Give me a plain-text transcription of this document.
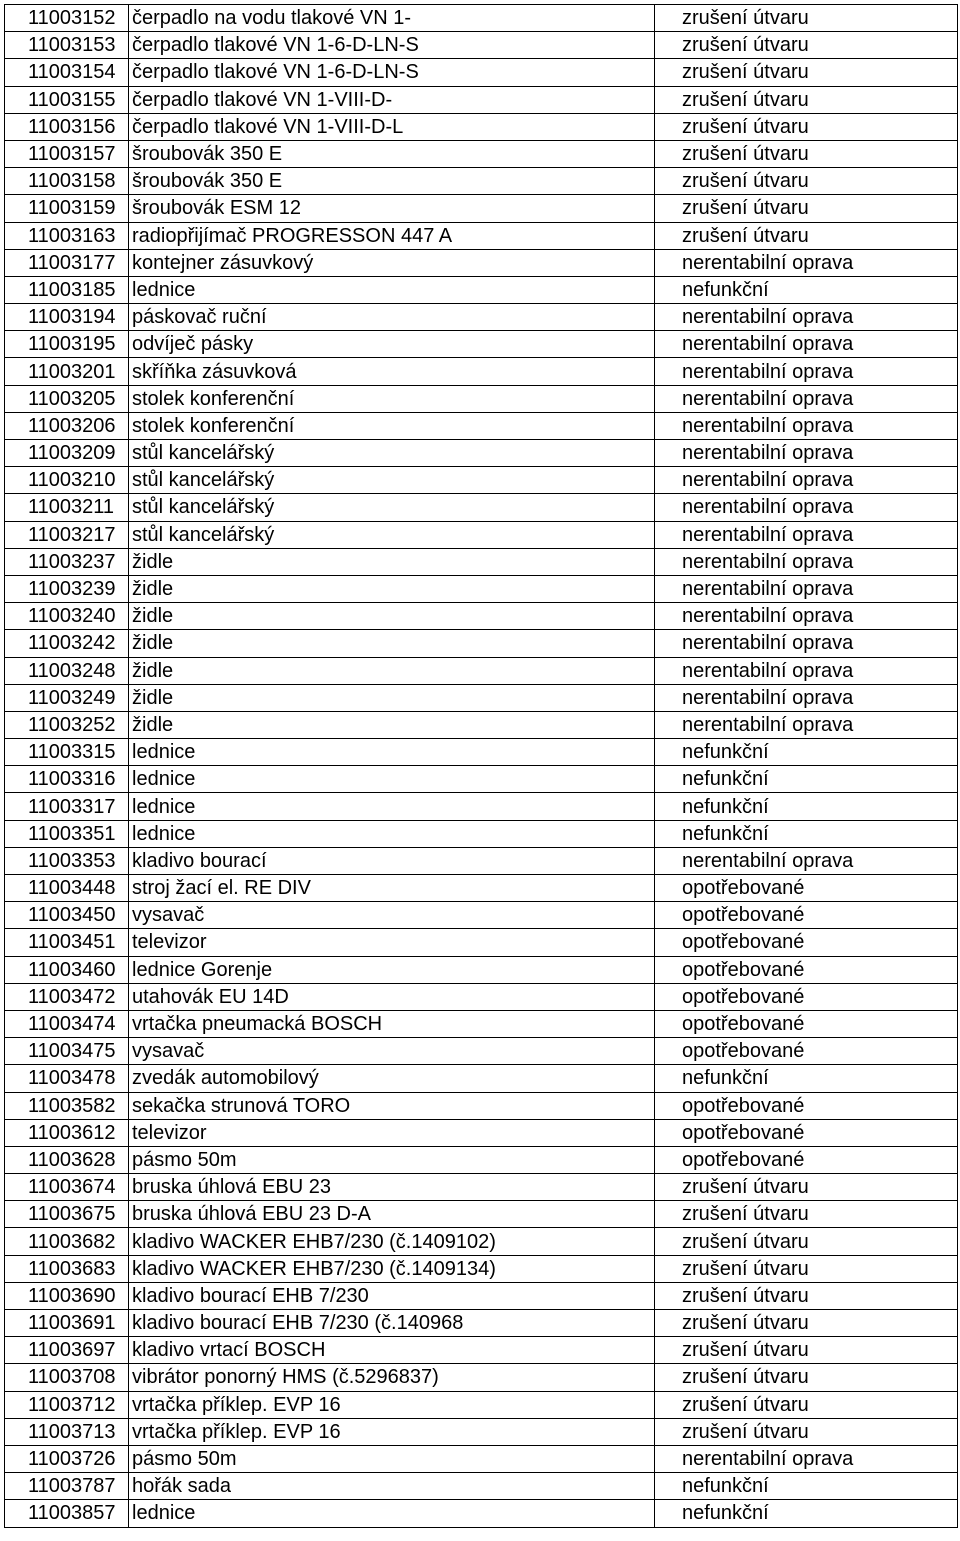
11003152	čerpadlo na vodu tlakové VN 1-	zrušení útvaru
11003153	čerpadlo tlakové VN 1-6-D-LN-S	zrušení útvaru
11003154	čerpadlo tlakové VN 1-6-D-LN-S	zrušení útvaru
11003155	čerpadlo tlakové VN 1-VIII-D-	zrušení útvaru
11003156	čerpadlo tlakové VN 1-VIII-D-L	zrušení útvaru
11003157	šroubovák 350 E	zrušení útvaru
11003158	šroubovák 350 E	zrušení útvaru
11003159	šroubovák ESM 12	zrušení útvaru
11003163	radiopřijímač PROGRESSON 447 A	zrušení útvaru
11003177	kontejner zásuvkový	nerentabilní oprava
11003185	lednice	nefunkční
11003194	páskovač ruční	nerentabilní oprava
11003195	odvíječ pásky	nerentabilní oprava
11003201	skříňka zásuvková	nerentabilní oprava
11003205	stolek konferenční	nerentabilní oprava
11003206	stolek konferenční	nerentabilní oprava
11003209	stůl kancelářský	nerentabilní oprava
11003210	stůl kancelářský	nerentabilní oprava
11003211	stůl kancelářský	nerentabilní oprava
11003217	stůl kancelářský	nerentabilní oprava
11003237	židle	nerentabilní oprava
11003239	židle	nerentabilní oprava
11003240	židle	nerentabilní oprava
11003242	židle	nerentabilní oprava
11003248	židle	nerentabilní oprava
11003249	židle	nerentabilní oprava
11003252	židle	nerentabilní oprava
11003315	lednice	nefunkční
11003316	lednice	nefunkční
11003317	lednice	nefunkční
11003351	lednice	nefunkční
11003353	kladivo bourací	nerentabilní oprava
11003448	stroj žací el. RE DIV	opotřebované
11003450	vysavač	opotřebované
11003451	televizor	opotřebované
11003460	lednice Gorenje	opotřebované
11003472	utahovák EU 14D	opotřebované
11003474	vrtačka pneumacká BOSCH	opotřebované
11003475	vysavač	opotřebované
11003478	zvedák automobilový	nefunkční
11003582	sekačka strunová TORO	opotřebované
11003612	televizor	opotřebované
11003628	pásmo 50m	opotřebované
11003674	bruska úhlová EBU 23	zrušení útvaru
11003675	bruska úhlová EBU 23 D-A	zrušení útvaru
11003682	kladivo WACKER EHB7/230 (č.1409102)	zrušení útvaru
11003683	kladivo WACKER EHB7/230 (č.1409134)	zrušení útvaru
11003690	kladivo bourací EHB 7/230	zrušení útvaru
11003691	kladivo bourací EHB 7/230 (č.140968	zrušení útvaru
11003697	kladivo vrtací BOSCH	zrušení útvaru
11003708	vibrátor ponorný HMS (č.5296837)	zrušení útvaru
11003712	vrtačka příklep. EVP 16	zrušení útvaru
11003713	vrtačka příklep. EVP 16	zrušení útvaru
11003726	pásmo 50m	nerentabilní oprava
11003787	hořák sada	nefunkční
11003857	lednice	nefunkční
